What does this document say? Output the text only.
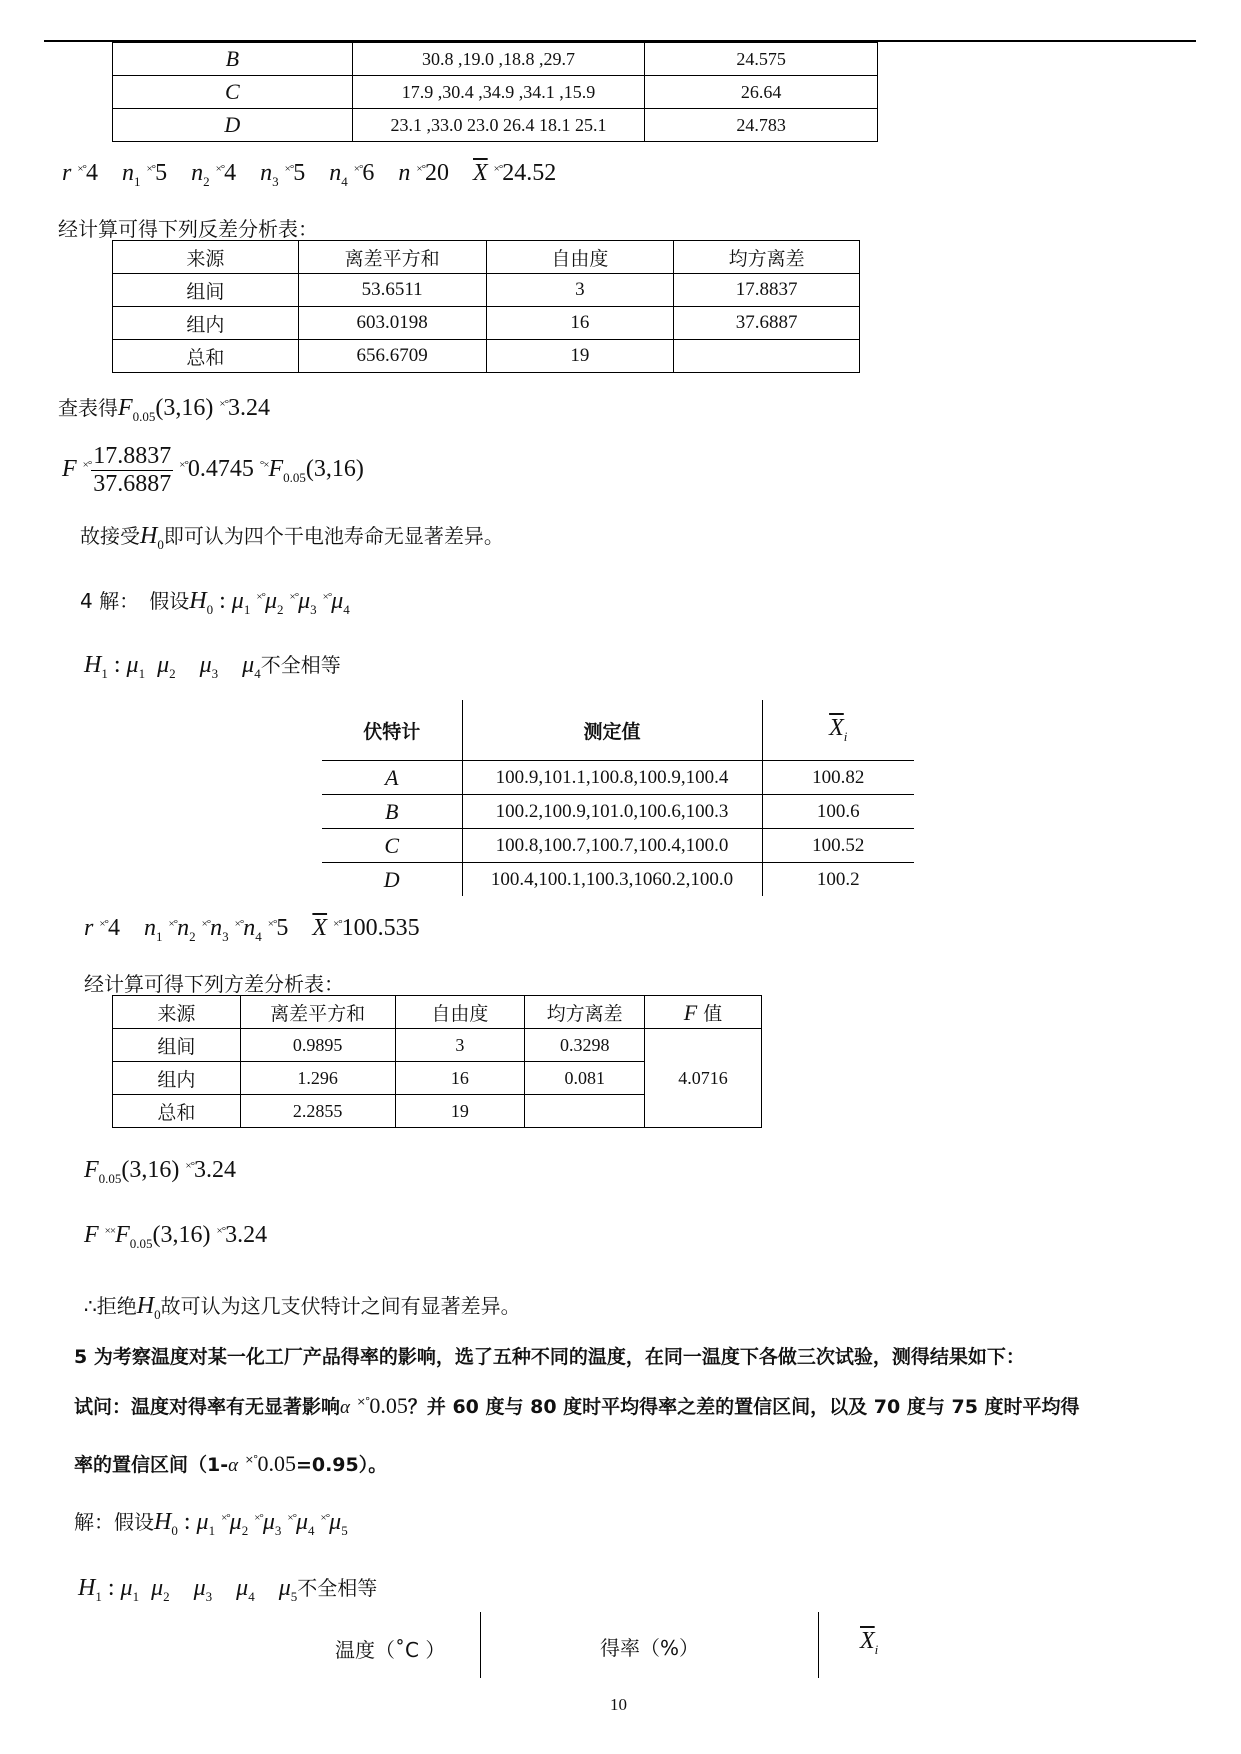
B	30.8 ,19.0 ,18.8 ,29.7	24.575
C	17.9 ,30.4 ,34.9 ,34.1 ,15.9	26.64
D	23.1 ,33.0 23.0 26.4 18.1 25.1	24.783
r ×°4 $n_1$ ×°5 $n_2$ ×°4 $n_3$ ×°5 $n_4$ ×°6 n ×°20 $\overline{X}$ ×°24.52
经计算可得下列反差分析表：
来源	离差平方和	自由度	均方离差
组间	53.6511	3	17.8837
组内	603.0198	16	37.6887
总和	656.6709	19	
查表得$F_{0.05}(3,16)$ ×°3.24
F $^{\times^\circ} \frac{17.8837}{37.6887} ^{\times^\circ}0.4745$ $^{^\circ\times}F_{0.05}(3,16)$
故接受$H_0$即可认为四个干电池寿命无显著差异。
4 解： 假设$H_0$ : $\mu_1$ $^{\times^\circ}\mu_2$ $^{\times^\circ}\mu_3$ $^{\times^\circ}\mu_4$
$H_1$ : $\mu_1$ $\mu_2$ $\mu_3$ $\mu_4$不全相等
伏特计	测定值	$\overline{X}_i$
A	100.9,101.1,100.8,100.9,100.4	100.82
B	100.2,100.9,101.0,100.6,100.3	100.6
C	100.8,100.7,100.7,100.4,100.0	100.52
D	100.4,100.1,100.3,1060.2,100.0	100.2
r ×°4 $n_1$ $^{\times^\circ}n_2$ $^{\times^\circ}n_3$ $^{\times^\circ}n_4$ ×°5 $\overline{X}$ ×°100.535
经计算可得下列方差分析表：
来源	离差平方和	自由度	均方离差	F 值
组间	0.9895	3	0.3298	4.0716
组内	1.296	16	0.081	
总和	2.2855	19		
$F_{0.05}(3,16)$ ×°3.24
F $^{\times\times}F_{0.05}(3,16)$ ×°3.24
∴拒绝$H_0$故可认为这几支伏特计之间有显著差异。
5 为考察温度对某一化工厂产品得率的影响，选了五种不同的温度，在同一温度下各做三次试验，测得结果如下：
试问：温度对得率有无显著影响α ×°0.05？并 60 度与 80 度时平均得率之差的置信区间，以及 70 度与 75 度时平均得
率的置信区间（1-α ×°0.05=0.95）。
解：假设$H_0$ : $\mu_1$ $^{\times^\circ}\mu_2$ $^{\times^\circ}\mu_3$ $^{\times^\circ}\mu_4$ $^{\times^\circ}\mu_5$
$H_1$ : $\mu_1$ $\mu_2$ $\mu_3$ $\mu_4$ $\mu_5$不全相等
温度（˚C ）	得率（%）	$\overline{X}_i$
10
